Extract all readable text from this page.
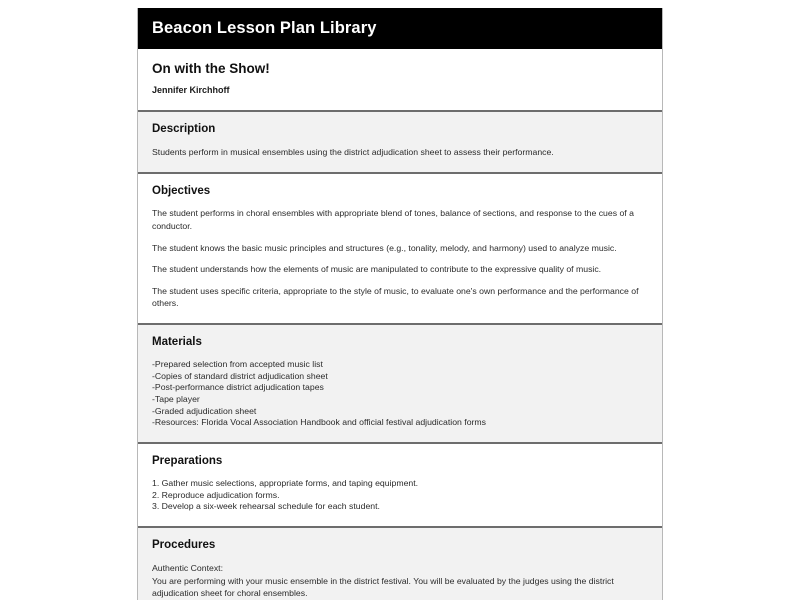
Beacon Lesson Plan Library
On with the Show!
Jennifer Kirchhoff
Description

Students perform in musical ensembles using the district adjudication sheet to assess their performance.

Objectives

The student performs in choral ensembles with appropriate blend of tones, balance of sections, and response to the cues of a conductor.

The student knows the basic music principles and structures (e.g., tonality, melody, and harmony) used to analyze music.

The student understands how the elements of music are manipulated to contribute to the expressive quality of music.

The student uses specific criteria, appropriate to the style of music, to evaluate one's own performance and the performance of others.

Materials
-Prepared selection from accepted music list
-Copies of standard district adjudication sheet
-Post-performance district adjudication tapes
-Tape player
-Graded adjudication sheet
-Resources: Florida Vocal Association Handbook and official festival adjudication forms
Preparations
1. Gather music selections, appropriate forms, and taping equipment.
2. Reproduce adjudication forms.
3. Develop a six-week rehearsal schedule for each student.
Procedures

Authentic Context:

You are performing with your music ensemble in the district festival. You will be evaluated by the judges using the district adjudication sheet for choral ensembles.
